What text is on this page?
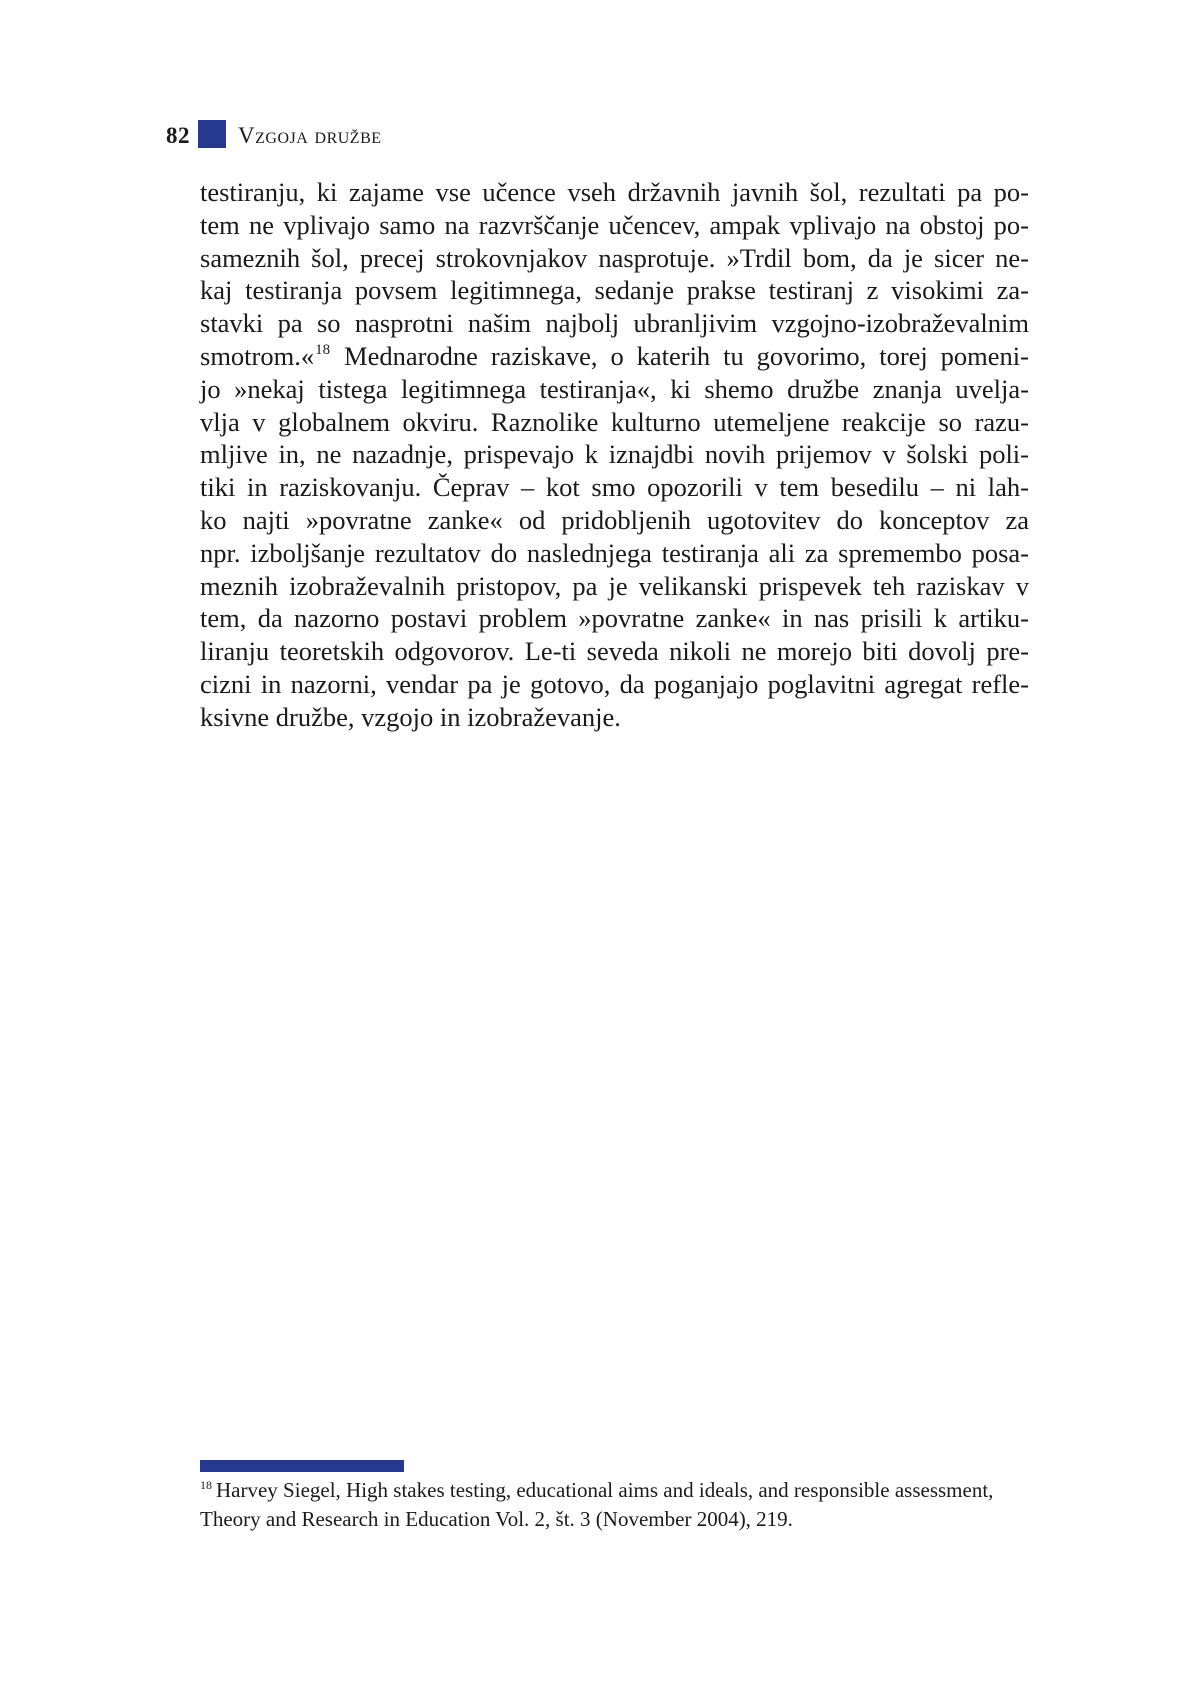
82 Vzgoja družbe
testiranju, ki zajame vse učence vseh državnih javnih šol, rezultati pa po-
tem ne vplivajo samo na razvrščanje učencev, ampak vplivajo na obstoj po-
sameznih šol, precej strokovnjakov nasprotuje. »Trdil bom, da je sicer ne-
kaj testiranja povsem legitimnega, sedanje prakse testiranj z visokimi za-
stavki pa so nasprotni našim najbolj ubranljivim vzgojno-izobraževalnim
smotrom.«$^{18}$ Mednarodne raziskave, o katerih tu govorimo, torej pomeni-
jo »nekaj tistega legitimnega testiranja«, ki shemo družbe znanja uvelja-
vlja v globalnem okviru. Raznolike kulturno utemeljene reakcije so razu-
mljive in, ne nazadnje, prispevajo k iznajdbi novih prijemov v šolski poli-
tiki in raziskovanju. Čeprav – kot smo opozorili v tem besedilu – ni lah-
ko najti »povratne zanke« od pridobljenih ugotovitev do konceptov za
npr. izboljšanje rezultatov do naslednjega testiranja ali za spremembo posa-
meznih izobraževalnih pristopov, pa je velikanski prispevek teh raziskav v
tem, da nazorno postavi problem »povratne zanke« in nas prisili k artiku-
liranju teoretskih odgovorov. Le-ti seveda nikoli ne morejo biti dovolj pre-
cizni in nazorni, vendar pa je gotovo, da poganjajo poglavitni agregat refle-
ksivne družbe, vzgojo in izobraževanje.
$^{18}$ Harvey Siegel, High stakes testing, educational aims and ideals, and responsible assessment,
Theory and Research in Education Vol. 2, št. 3 (November 2004), 219.
